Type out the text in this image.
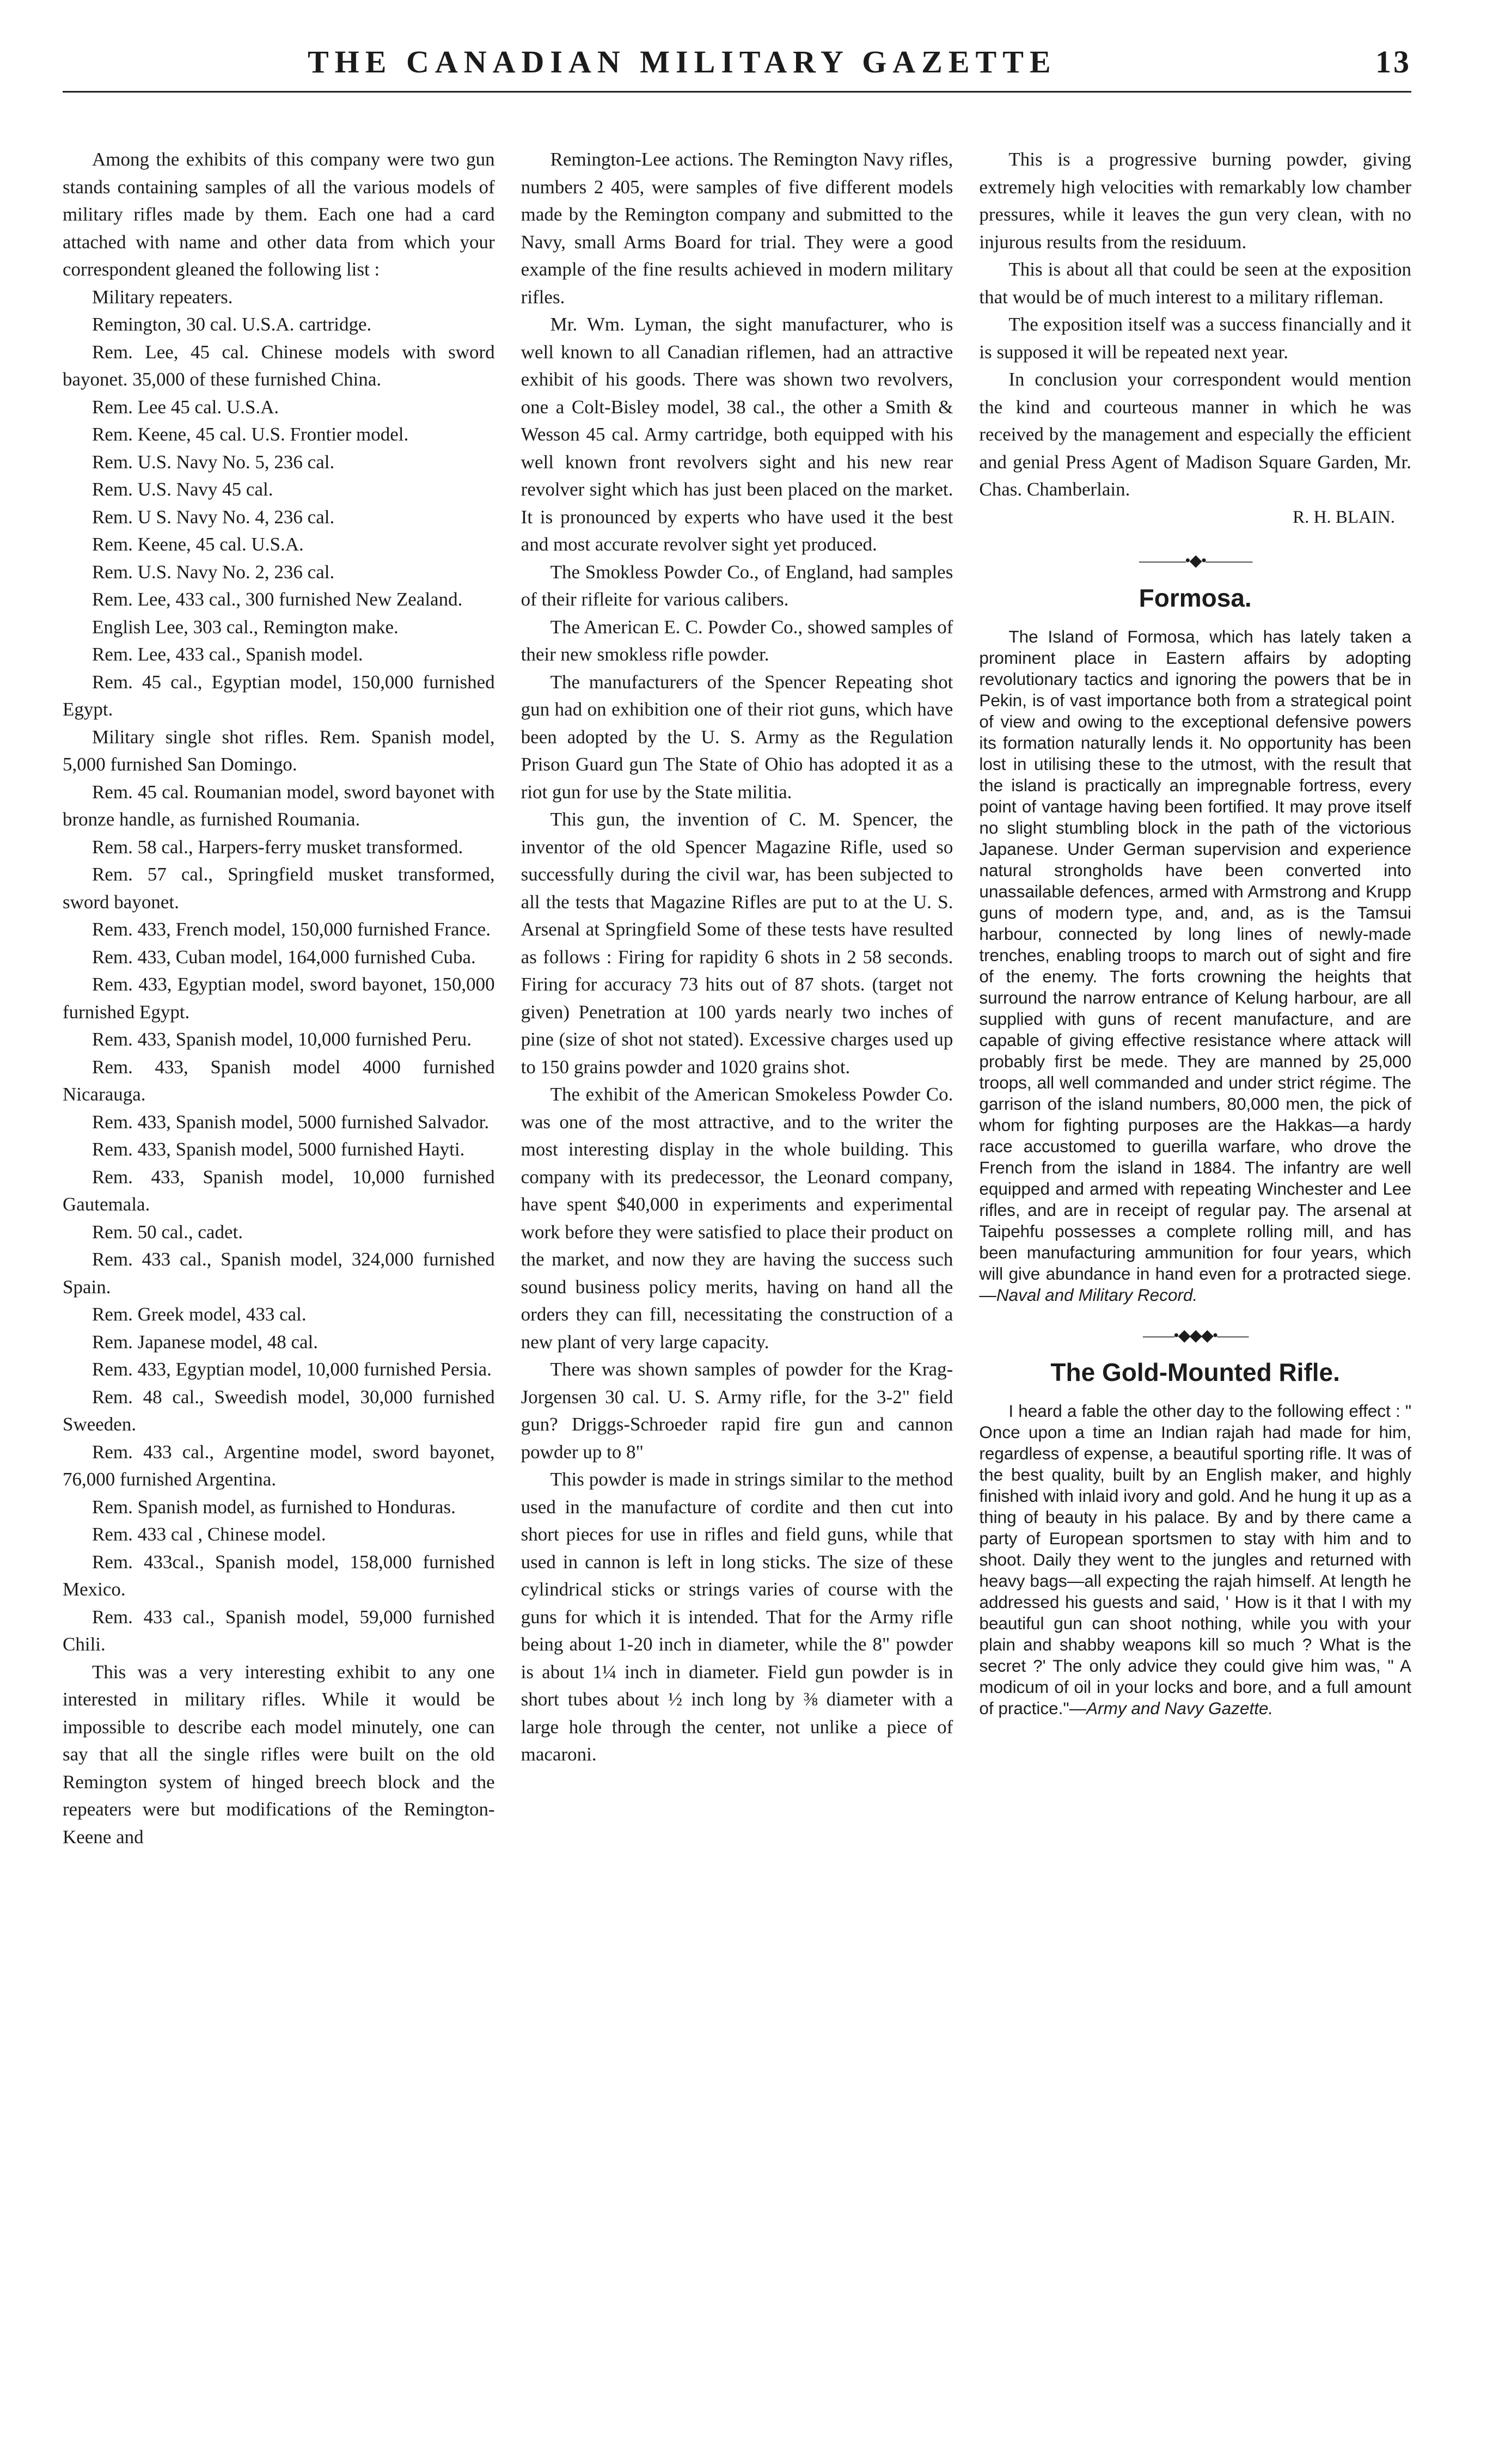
THE CANADIAN MILITARY GAZETTE	13

Among the exhibits of this company were two gun stands containing samples of all the various models of military rifles made by them. Each one had a card attached with name and other data from which your correspondent gleaned the following list :

Military repeaters.

Remington, 30 cal. U.S.A. cartridge.

Rem. Lee, 45 cal. Chinese models with sword bayonet. 35,000 of these furnished China.

Rem. Lee 45 cal. U.S.A.

Rem. Keene, 45 cal. U.S. Frontier model.

Rem. U.S. Navy No. 5, 236 cal.

Rem. U.S. Navy 45 cal.

Rem. U S. Navy No. 4, 236 cal.

Rem. Keene, 45 cal. U.S.A.

Rem. U.S. Navy No. 2, 236 cal.

Rem. Lee, 433 cal., 300 furnished New Zealand.

English Lee, 303 cal., Remington make.

Rem. Lee, 433 cal., Spanish model.

Rem. 45 cal., Egyptian model, 150,000 furnished Egypt.

Military single shot rifles. Rem. Spanish model, 5,000 furnished San Domingo.

Rem. 45 cal. Roumanian model, sword bayonet with bronze handle, as furnished Roumania.

Rem. 58 cal., Harpers-ferry musket transformed.

Rem. 57 cal., Springfield musket transformed, sword bayonet.

Rem. 433, French model, 150,000 furnished France.

Rem. 433, Cuban model, 164,000 furnished Cuba.

Rem. 433, Egyptian model, sword bayonet, 150,000 furnished Egypt.

Rem. 433, Spanish model, 10,000 furnished Peru.

Rem. 433, Spanish model 4000 furnished Nicarauga.

Rem. 433, Spanish model, 5000 furnished Salvador.

Rem. 433, Spanish model, 5000 furnished Hayti.

Rem. 433, Spanish model, 10,000 furnished Gautemala.

Rem. 50 cal., cadet.

Rem. 433 cal., Spanish model, 324,000 furnished Spain.

Rem. Greek model, 433 cal.

Rem. Japanese model, 48 cal.

Rem. 433, Egyptian model, 10,000 furnished Persia.

Rem. 48 cal., Sweedish model, 30,000 furnished Sweeden.

Rem. 433 cal., Argentine model, sword bayonet, 76,000 furnished Argentina.

Rem. Spanish model, as furnished to Honduras.

Rem. 433 cal , Chinese model.

Rem. 433cal., Spanish model, 158,000 furnished Mexico.

Rem. 433 cal., Spanish model, 59,000 furnished Chili.

This was a very interesting exhibit to any one interested in military rifles. While it would be impossible to describe each model minutely, one can say that all the single rifles were built on the old Remington system of hinged breech block and the repeaters were but modifications of the Remington-Keene and

Remington-Lee actions. The Remington Navy rifles, numbers 2 405, were samples of five different models made by the Remington company and submitted to the Navy, small Arms Board for trial. They were a good example of the fine results achieved in modern military rifles.

Mr. Wm. Lyman, the sight manufacturer, who is well known to all Canadian riflemen, had an attractive exhibit of his goods. There was shown two revolvers, one a Colt-Bisley model, 38 cal., the other a Smith & Wesson 45 cal. Army cartridge, both equipped with his well known front revolvers sight and his new rear revolver sight which has just been placed on the market. It is pronounced by experts who have used it the best and most accurate revolver sight yet produced.

The Smokless Powder Co., of England, had samples of their rifleite for various calibers.

The American E. C. Powder Co., showed samples of their new smokless rifle powder.

The manufacturers of the Spencer Repeating shot gun had on exhibition one of their riot guns, which have been adopted by the U. S. Army as the Regulation Prison Guard gun The State of Ohio has adopted it as a riot gun for use by the State militia.

This gun, the invention of C. M. Spencer, the inventor of the old Spencer Magazine Rifle, used so successfully during the civil war, has been subjected to all the tests that Magazine Rifles are put to at the U. S. Arsenal at Springfield Some of these tests have resulted as follows : Firing for rapidity 6 shots in 2 58 seconds. Firing for accuracy 73 hits out of 87 shots. (target not given) Penetration at 100 yards nearly two inches of pine (size of shot not stated). Excessive charges used up to 150 grains powder and 1020 grains shot.

The exhibit of the American Smokeless Powder Co. was one of the most attractive, and to the writer the most interesting display in the whole building. This company with its predecessor, the Leonard company, have spent $40,000 in experiments and experimental work before they were satisfied to place their product on the market, and now they are having the success such sound business policy merits, having on hand all the orders they can fill, necessitating the construction of a new plant of very large capacity.

There was shown samples of powder for the Krag-Jorgensen 30 cal. U. S. Army rifle, for the 3-2" field gun? Driggs-Schroeder rapid fire gun and cannon powder up to 8"

This powder is made in strings similar to the method used in the manufacture of cordite and then cut into short pieces for use in rifles and field guns, while that used in cannon is left in long sticks. The size of these cylindrical sticks or strings varies of course with the guns for which it is intended. That for the Army rifle being about 1-20 inch in diameter, while the 8" powder is about 1¼ inch in diameter. Field gun powder is in short tubes about ½ inch long by ⅜ diameter with a large hole through the center, not unlike a piece of macaroni.

This is a progressive burning powder, giving extremely high velocities with remarkably low chamber pressures, while it leaves the gun very clean, with no injurous results from the residuum.

This is about all that could be seen at the exposition that would be of much interest to a military rifleman.

The exposition itself was a success financially and it is supposed it will be repeated next year.

In conclusion your correspondent would mention the kind and courteous manner in which he was received by the management and especially the efficient and genial Press Agent of Madison Square Garden, Mr. Chas. Chamberlain.

R. H. BLAIN.
———•◆•———
Formosa.

The Island of Formosa, which has lately taken a prominent place in Eastern affairs by adopting revolutionary tactics and ignoring the powers that be in Pekin, is of vast importance both from a strategical point of view and owing to the exceptional defensive powers its formation naturally lends it. No opportunity has been lost in utilising these to the utmost, with the result that the island is practically an impregnable fortress, every point of vantage having been fortified. It may prove itself no slight stumbling block in the path of the victorious Japanese. Under German supervision and experience natural strongholds have been converted into unassailable defences, armed with Armstrong and Krupp guns of modern type, and, and, as is the Tamsui harbour, connected by long lines of newly-made trenches, enabling troops to march out of sight and fire of the enemy. The forts crowning the heights that surround the narrow entrance of Kelung harbour, are all supplied with guns of recent manufacture, and are capable of giving effective resistance where attack will probably first be mede. They are manned by 25,000 troops, all well commanded and under strict régime. The garrison of the island numbers, 80,000 men, the pick of whom for fighting purposes are the Hakkas—a hardy race accustomed to guerilla warfare, who drove the French from the island in 1884. The infantry are well equipped and armed with repeating Winchester and Lee rifles, and are in receipt of regular pay. The arsenal at Taipehfu possesses a complete rolling mill, and has been manufacturing ammunition for four years, which will give abundance in hand even for a protracted siege.—Naval and Military Record.

——•◆◆◆•——
The Gold-Mounted Rifle.

I heard a fable the other day to the following effect : " Once upon a time an Indian rajah had made for him, regardless of expense, a beautiful sporting rifle. It was of the best quality, built by an English maker, and highly finished with inlaid ivory and gold. And he hung it up as a thing of beauty in his palace. By and by there came a party of European sportsmen to stay with him and to shoot. Daily they went to the jungles and returned with heavy bags—all expecting the rajah himself. At length he addressed his guests and said, ' How is it that I with my beautiful gun can shoot nothing, while you with your plain and shabby weapons kill so much ? What is the secret ?' The only advice they could give him was, " A modicum of oil in your locks and bore, and a full amount of practice."—Army and Navy Gazette.
